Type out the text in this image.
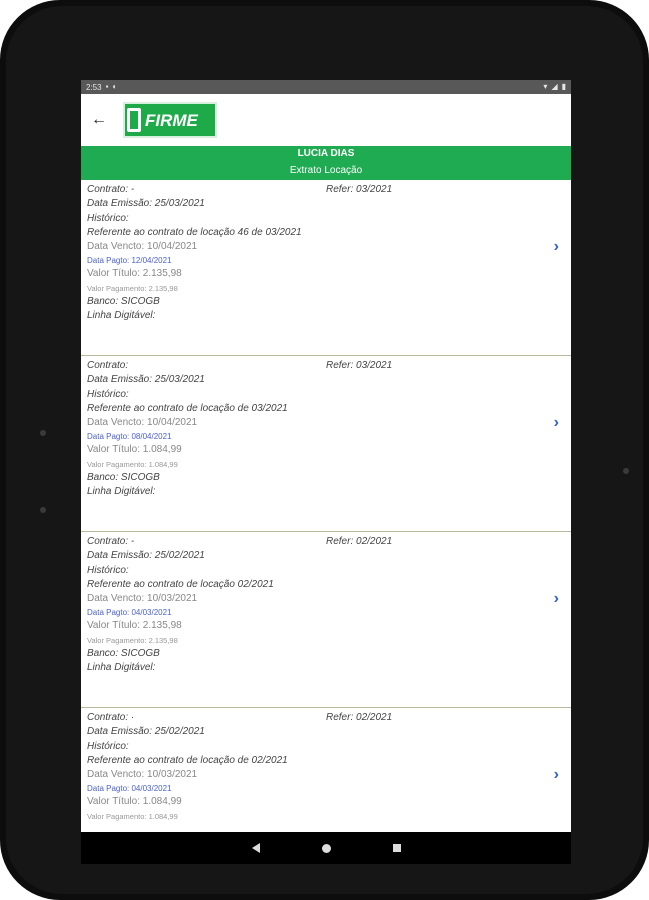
2:53 ▪ ◐	▾ ◢ ▮
←	FIRME
LUCIA DIAS
Extrato Locação
Contrato: -	Refer: 03/2021
Data Emissão: 25/03/2021
Histórico:
Referente ao contrato de locação 46 de 03/2021
Data Vencto: 10/04/2021
Data Pagto: 12/04/2021
Valor Título: 2.135,98
Valor Pagamento: 2.135,98
Banco: SICOGB
Linha Digitável:
›
Contrato:	Refer: 03/2021
Data Emissão: 25/03/2021
Histórico:
Referente ao contrato de locação de 03/2021
Data Vencto: 10/04/2021
Data Pagto: 08/04/2021
Valor Título: 1.084,99
Valor Pagamento: 1.084,99
Banco: SICOGB
Linha Digitável:
›
Contrato: -	Refer: 02/2021
Data Emissão: 25/02/2021
Histórico:
Referente ao contrato de locação 02/2021
Data Vencto: 10/03/2021
Data Pagto: 04/03/2021
Valor Título: 2.135,98
Valor Pagamento: 2.135,98
Banco: SICOGB
Linha Digitável:
›
Contrato: ·	Refer: 02/2021
Data Emissão: 25/02/2021
Histórico:
Referente ao contrato de locação de 02/2021
Data Vencto: 10/03/2021
Data Pagto: 04/03/2021
Valor Título: 1.084,99
Valor Pagamento: 1.084,99
›
